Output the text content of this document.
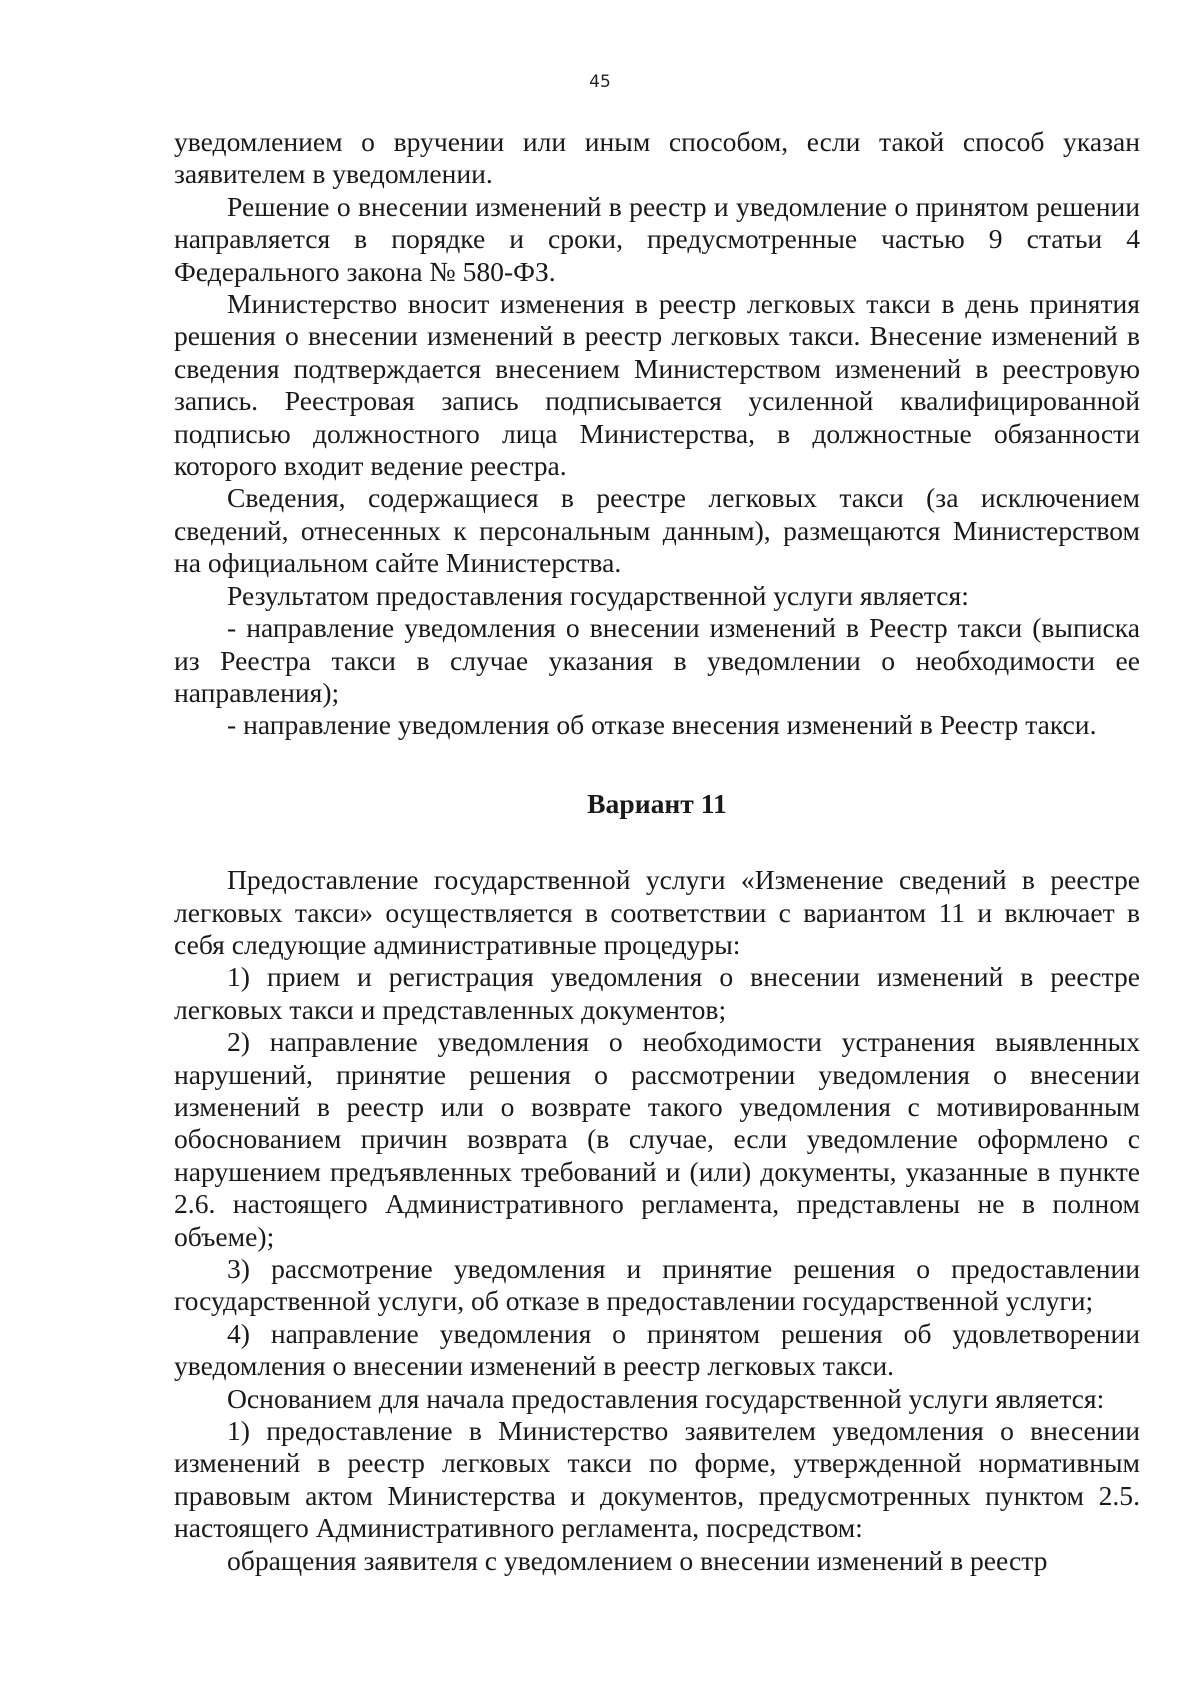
45

уведомлением о вручении или иным способом, если такой способ указан заявителем в уведомлении.

Решение о внесении изменений в реестр и уведомление о принятом решении направляется в порядке и сроки, предусмотренные частью 9 статьи 4 Федерального закона № 580-ФЗ.

Министерство вносит изменения в реестр легковых такси в день принятия решения о внесении изменений в реестр легковых такси. Внесение изменений в сведения подтверждается внесением Министерством изменений в реестровую запись. Реестровая запись подписывается усиленной квалифицированной подписью должностного лица Министерства, в должностные обязанности которого входит ведение реестра.

Сведения, содержащиеся в реестре легковых такси (за исключением сведений, отнесенных к персональным данным), размещаются Министерством на официальном сайте Министерства.

Результатом предоставления государственной услуги является:

- направление уведомления о внесении изменений в Реестр такси (выписка из Реестра такси в случае указания в уведомлении о необходимости ее направления);

- направление уведомления об отказе внесения изменений в Реестр такси.

Вариант 11

Предоставление государственной услуги «Изменение сведений в реестре легковых такси» осуществляется в соответствии с вариантом 11 и включает в себя следующие административные процедуры:

1) прием и регистрация уведомления о внесении изменений в реестре легковых такси и представленных документов;

2) направление уведомления о необходимости устранения выявленных нарушений, принятие решения о рассмотрении уведомления о внесении изменений в реестр или о возврате такого уведомления с мотивированным обоснованием причин возврата (в случае, если уведомление оформлено с нарушением предъявленных требований и (или) документы, указанные в пункте 2.6. настоящего Административного регламента, представлены не в полном объеме);

3) рассмотрение уведомления и принятие решения о предоставлении государственной услуги, об отказе в предоставлении государственной услуги;

4) направление уведомления о принятом решения об удовлетворении уведомления о внесении изменений в реестр легковых такси.

Основанием для начала предоставления государственной услуги является:

1) предоставление в Министерство заявителем уведомления о внесении изменений в реестр легковых такси по форме, утвержденной нормативным правовым актом Министерства и документов, предусмотренных пунктом 2.5. настоящего Административного регламента, посредством:

обращения заявителя с уведомлением о внесении изменений в реестр
